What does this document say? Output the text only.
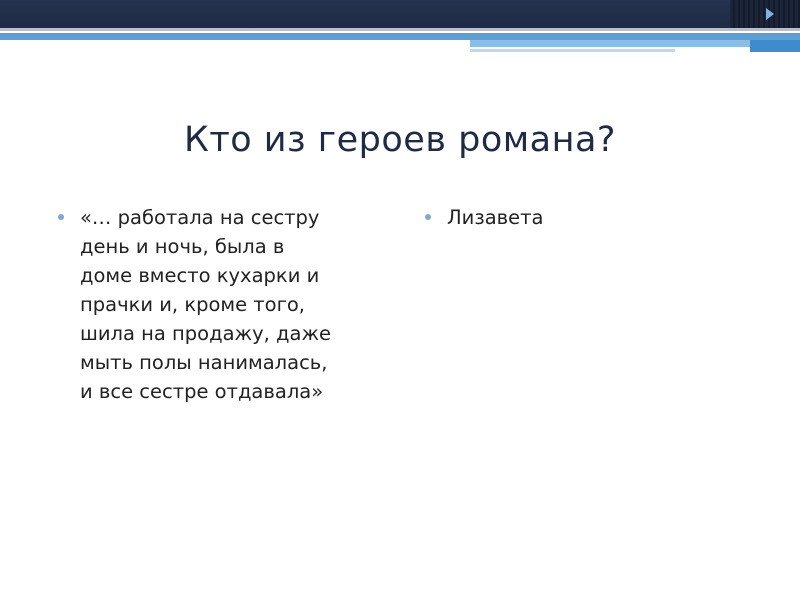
Кто из героев романа?
«… работала на сестру
день и ночь, была в
доме вместо кухарки и
прачки и, кроме того,
шила на продажу, даже
мыть полы нанималась,
и все сестре отдавала»
Лизавета
